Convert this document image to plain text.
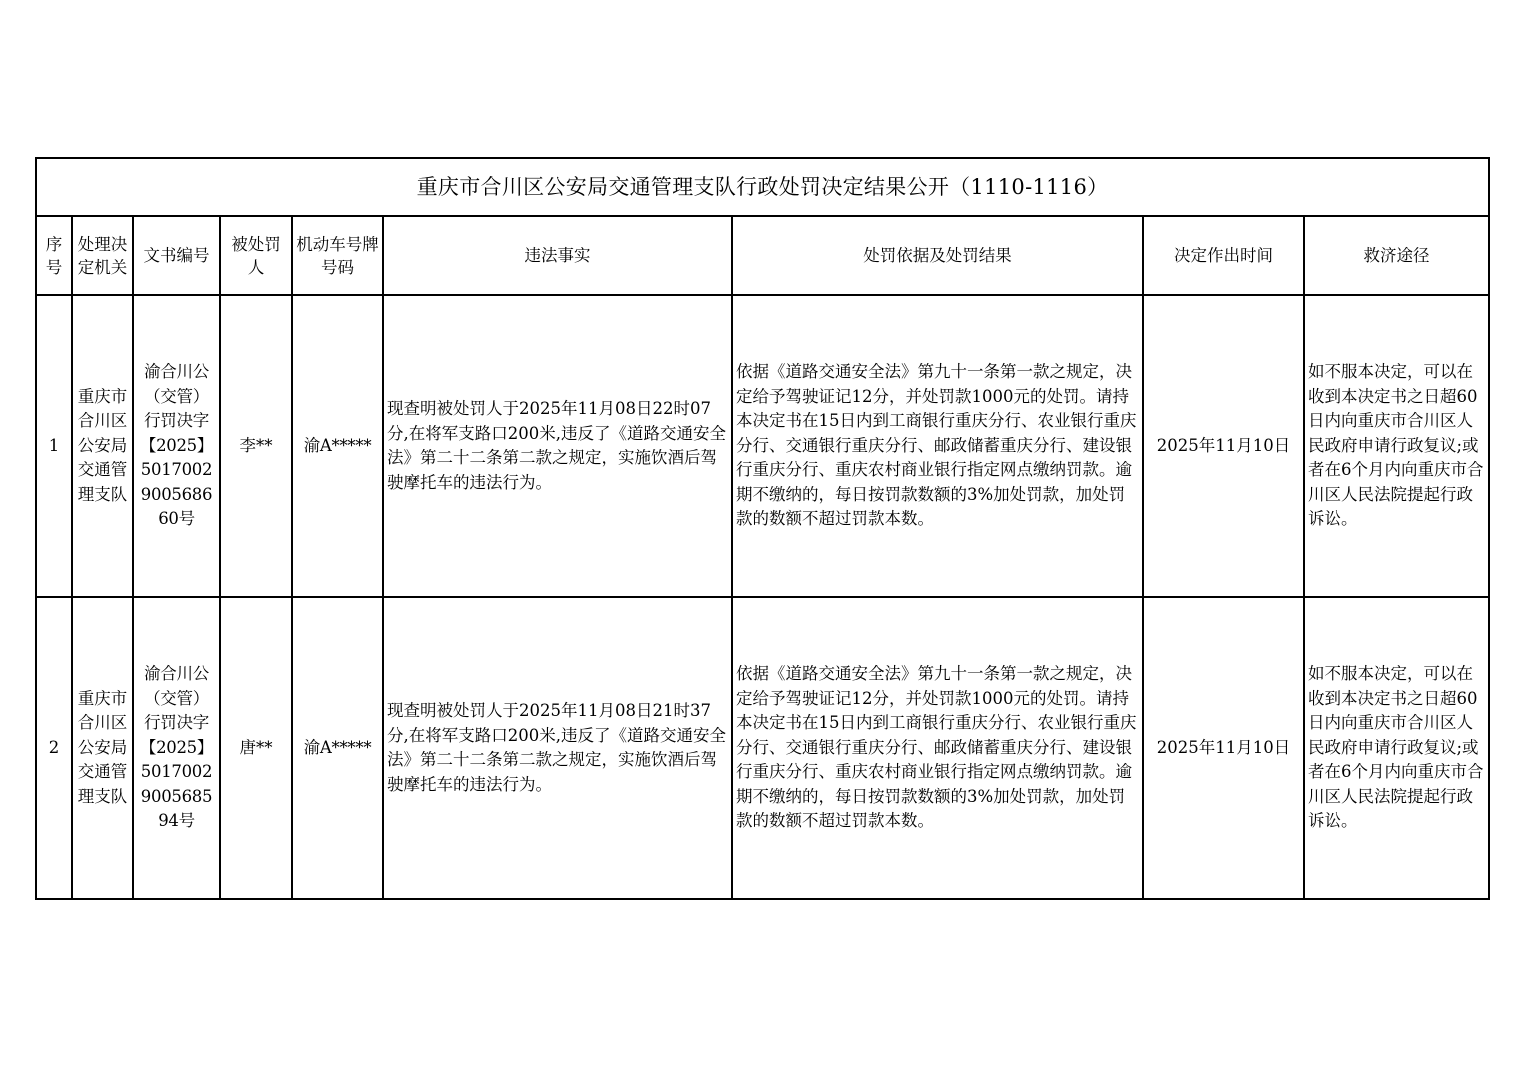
重庆市合川区公安局交通管理支队行政处罚决定结果公开（1110-1116）								
序号	处理决定机关	文书编号	被处罚人	机动车号牌号码	违法事实	处罚依据及处罚结果	决定作出时间	救济途径
1	重庆市合川区公安局交通管理支队	渝合川公（交管）行罚决字【2025】5017002900568660号	李**	渝A*****	现查明被处罚人于2025年11月08日22时07分,在将军支路口200米,违反了《道路交通安全法》第二十二条第二款之规定，实施饮酒后驾驶摩托车的违法行为。	依据《道路交通安全法》第九十一条第一款之规定，决定给予驾驶证记12分，并处罚款1000元的处罚。请持本决定书在15日内到工商银行重庆分行、农业银行重庆分行、交通银行重庆分行、邮政储蓄重庆分行、建设银行重庆分行、重庆农村商业银行指定网点缴纳罚款。逾期不缴纳的，每日按罚款数额的3%加处罚款，加处罚款的数额不超过罚款本数。	2025年11月10日	如不服本决定，可以在收到本决定书之日超60日内向重庆市合川区人民政府申请行政复议;或者在6个月内向重庆市合川区人民法院提起行政诉讼。
2	重庆市合川区公安局交通管理支队	渝合川公（交管）行罚决字【2025】5017002900568594号	唐**	渝A*****	现查明被处罚人于2025年11月08日21时37分,在将军支路口200米,违反了《道路交通安全法》第二十二条第二款之规定，实施饮酒后驾驶摩托车的违法行为。	依据《道路交通安全法》第九十一条第一款之规定，决定给予驾驶证记12分，并处罚款1000元的处罚。请持本决定书在15日内到工商银行重庆分行、农业银行重庆分行、交通银行重庆分行、邮政储蓄重庆分行、建设银行重庆分行、重庆农村商业银行指定网点缴纳罚款。逾期不缴纳的，每日按罚款数额的3%加处罚款，加处罚款的数额不超过罚款本数。	2025年11月10日	如不服本决定，可以在收到本决定书之日超60日内向重庆市合川区人民政府申请行政复议;或者在6个月内向重庆市合川区人民法院提起行政诉讼。
